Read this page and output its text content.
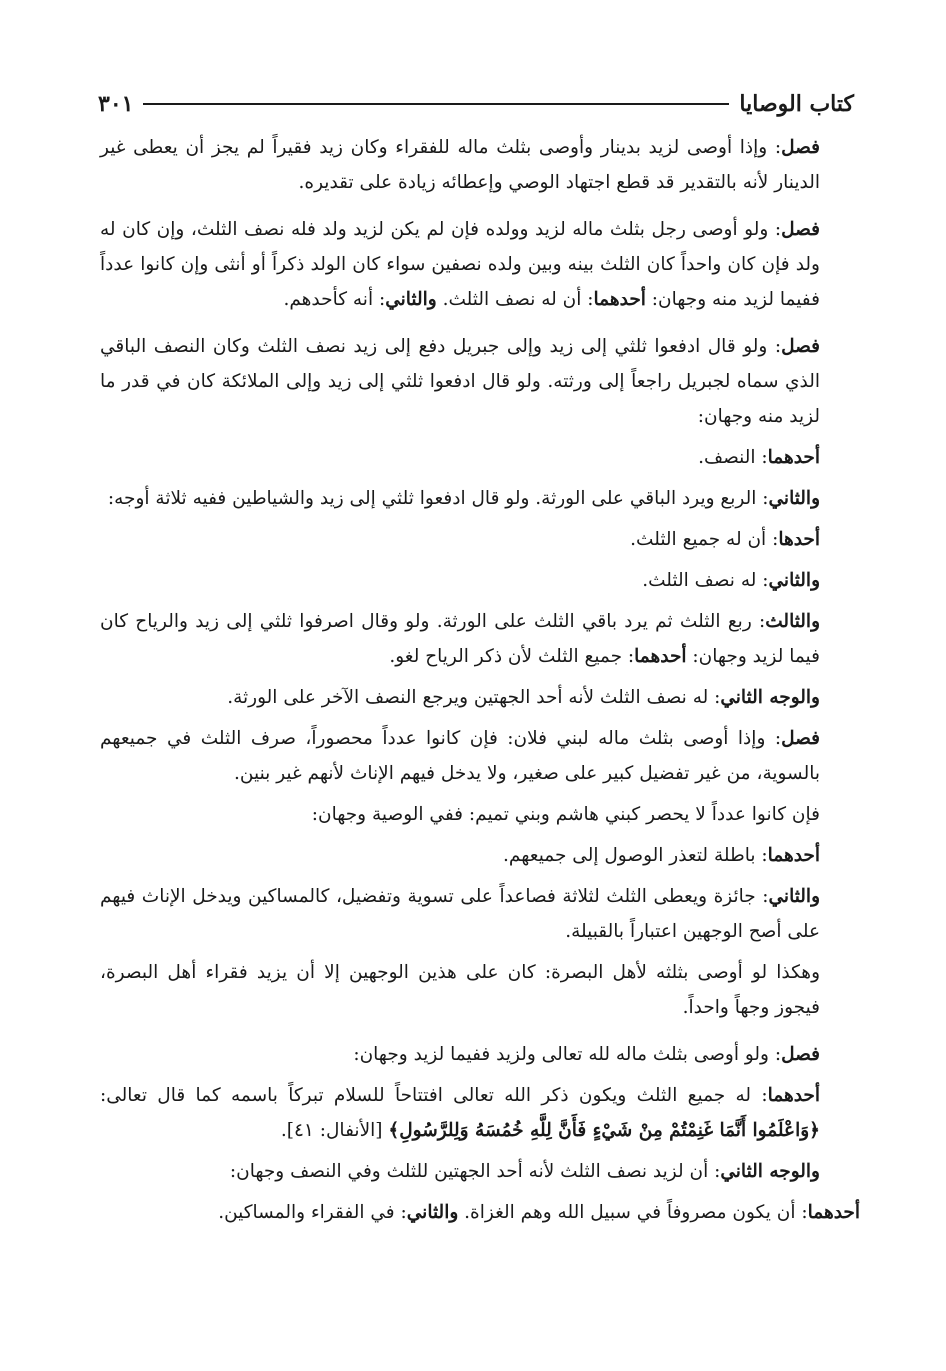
كتاب الوصايا
٣٠١

فصل: وإذا أوصى لزيد بدينار وأوصى بثلث ماله للفقراء وكان زيد فقيراً لم يجز أن يعطى غير الدينار لأنه بالتقدير قد قطع اجتهاد الوصي وإعطائه زيادة على تقديره.

فصل: ولو أوصى رجل بثلث ماله لزيد وولده فإن لم يكن لزيد ولد فله نصف الثلث، وإن كان له ولد فإن كان واحداً كان الثلث بينه وبين ولده نصفين سواء كان الولد ذكراً أو أنثى وإن كانوا عدداً ففيما لزيد منه وجهان: أحدهما: أن له نصف الثلث. والثاني: أنه كأحدهم.

فصل: ولو قال ادفعوا ثلثي إلى زيد وإلى جبريل دفع إلى زيد نصف الثلث وكان النصف الباقي الذي سماه لجبريل راجعاً إلى ورثته. ولو قال ادفعوا ثلثي إلى زيد وإلى الملائكة كان في قدر ما لزيد منه وجهان:

أحدهما: النصف.

والثاني: الربع ويرد الباقي على الورثة. ولو قال ادفعوا ثلثي إلى زيد والشياطين ففيه ثلاثة أوجه:

أحدها: أن له جميع الثلث.

والثاني: له نصف الثلث.

والثالث: ربع الثلث ثم يرد باقي الثلث على الورثة. ولو وقال اصرفوا ثلثي إلى زيد والرياح كان فيما لزيد وجهان: أحدهما: جميع الثلث لأن ذكر الرياح لغو.

والوجه الثاني: له نصف الثلث لأنه أحد الجهتين ويرجع النصف الآخر على الورثة.

فصل: وإذا أوصى بثلث ماله لبني فلان: فإن كانوا عدداً محصوراً، صرف الثلث في جميعهم بالسوية، من غير تفضيل كبير على صغير، ولا يدخل فيهم الإناث لأنهم غير بنين.

فإن كانوا عدداً لا يحصر كبني هاشم وبني تميم: ففي الوصية وجهان:

أحدهما: باطلة لتعذر الوصول إلى جميعهم.

والثاني: جائزة ويعطى الثلث لثلاثة فصاعداً على تسوية وتفضيل، كالمساكين ويدخل الإناث فيهم على أصح الوجهين اعتباراً بالقبيلة.

وهكذا لو أوصى بثلثه لأهل البصرة: كان على هذين الوجهين إلا أن يزيد فقراء أهل البصرة، فيجوز وجهاً واحداً.

فصل: ولو أوصى بثلث ماله لله تعالى ولزيد ففيما لزيد وجهان:

أحدهما: له جميع الثلث ويكون ذكر الله تعالى افتتاحاً للسلام تبركاً باسمه كما قال تعالى: ﴿وَاعْلَمُوا أَنَّمَا غَنِمْتُمْ مِنْ شَيْءٍ فَأَنَّ لِلَّهِ خُمُسَهُ وَلِلرَّسُولِ﴾ [الأنفال: ٤١].

والوجه الثاني: أن لزيد نصف الثلث لأنه أحد الجهتين للثلث وفي النصف وجهان:

أحدهما: أن يكون مصروفاً في سبيل الله وهم الغزاة. والثاني: في الفقراء والمساكين.
